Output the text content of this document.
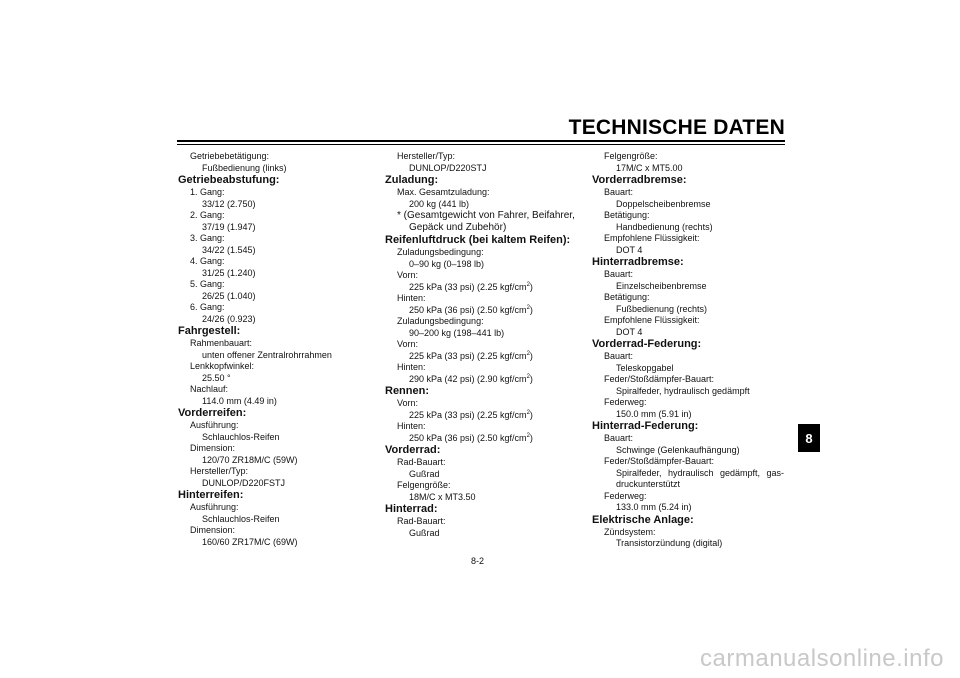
TECHNISCHE DATEN
Getriebebetätigung:
Fußbedienung (links)
Getriebeabstufung:
1. Gang:
33/12 (2.750)
2. Gang:
37/19 (1.947)
3. Gang:
34/22 (1.545)
4. Gang:
31/25 (1.240)
5. Gang:
26/25 (1.040)
6. Gang:
24/26 (0.923)
Fahrgestell:
Rahmenbauart:
unten offener Zentralrohrrahmen
Lenkkopfwinkel:
25.50 °
Nachlauf:
114.0 mm (4.49 in)
Vorderreifen:
Ausführung:
Schlauchlos-Reifen
Dimension:
120/70 ZR18M/C (59W)
Hersteller/Typ:
DUNLOP/D220FSTJ
Hinterreifen:
Ausführung:
Schlauchlos-Reifen
Dimension:
160/60 ZR17M/C (69W)
Hersteller/Typ:
DUNLOP/D220STJ
Zuladung:
Max. Gesamtzuladung:
200 kg (441 lb)
* (Gesamtgewicht von Fahrer, Beifahrer,
Gepäck und Zubehör)
Reifenluftdruck (bei kaltem Reifen):
Zuladungsbedingung:
0–90 kg (0–198 lb)
Vorn:
225 kPa (33 psi) (2.25 kgf/$cm^2$)
Hinten:
250 kPa (36 psi) (2.50 kgf/$cm^2$)
Zuladungsbedingung:
90–200 kg (198–441 lb)
Vorn:
225 kPa (33 psi) (2.25 kgf/$cm^2$)
Hinten:
290 kPa (42 psi) (2.90 kgf/$cm^2$)
Rennen:
Vorn:
225 kPa (33 psi) (2.25 kgf/$cm^2$)
Hinten:
250 kPa (36 psi) (2.50 kgf/$cm^2$)
Vorderrad:
Rad-Bauart:
Gußrad
Felgengröße:
18M/C x MT3.50
Hinterrad:
Rad-Bauart:
Gußrad
Felgengröße:
17M/C x MT5.00
Vorderradbremse:
Bauart:
Doppelscheibenbremse
Betätigung:
Handbedienung (rechts)
Empfohlene Flüssigkeit:
DOT 4
Hinterradbremse:
Bauart:
Einzelscheibenbremse
Betätigung:
Fußbedienung (rechts)
Empfohlene Flüssigkeit:
DOT 4
Vorderrad-Federung:
Bauart:
Teleskopgabel
Feder/Stoßdämpfer-Bauart:
Spiralfeder, hydraulisch gedämpft
Federweg:
150.0 mm (5.91 in)
Hinterrad-Federung:
Bauart:
Schwinge (Gelenkaufhängung)
Feder/Stoßdämpfer-Bauart:
Spiralfeder, hydraulisch gedämpft, gas-
druckunterstützt
Federweg:
133.0 mm (5.24 in)
Elektrische Anlage:
Zündsystem:
Transistorzündung (digital)
8
8-2
carmanualsonline.info
